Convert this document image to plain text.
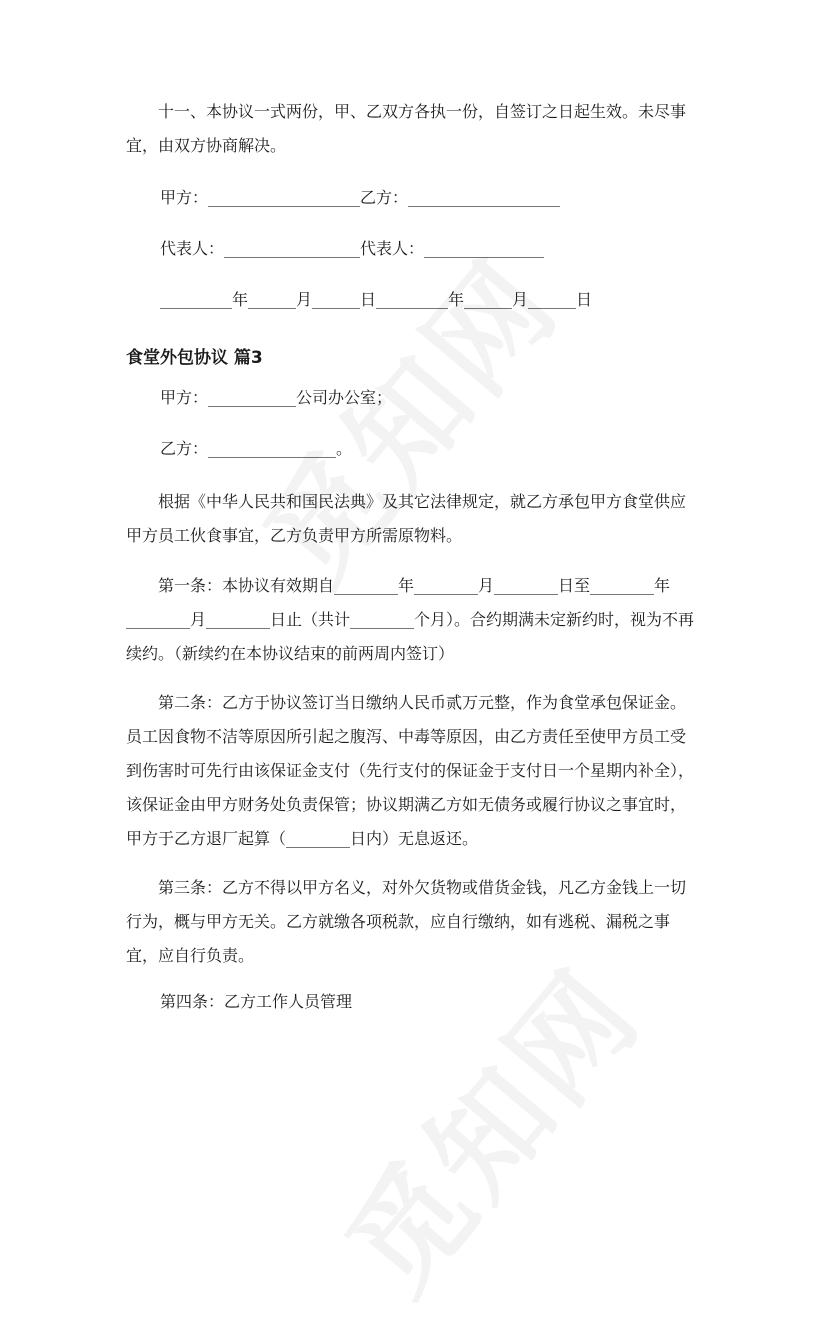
十一、本协议一式两份，甲、乙双方各执一份，自签订之日起生效。未尽事宜，由双方协商解决。

甲方：___________________乙方：___________________
代表人：_________________代表人：_______________
_________年______月______日_________年______月______日
食堂外包协议 篇3
甲方：___________公司办公室；
乙方：________________。

根据《中华人民共和国民法典》及其它法律规定，就乙方承包甲方食堂供应甲方员工伙食事宜，乙方负责甲方所需原物料。

第一条：本协议有效期自________年________月________日至________年________月________日止（共计________个月）。合约期满未定新约时，视为不再续约。（新续约在本协议结束的前两周内签订）

第二条：乙方于协议签订当日缴纳人民币贰万元整，作为食堂承包保证金。员工因食物不洁等原因所引起之腹泻、中毒等原因，由乙方责任至使甲方员工受到伤害时可先行由该保证金支付（先行支付的保证金于支付日一个星期内补全），该保证金由甲方财务处负责保管；协议期满乙方如无债务或履行协议之事宜时，甲方于乙方退厂起算（________日内）无息返还。

第三条：乙方不得以甲方名义，对外欠货物或借货金钱，凡乙方金钱上一切行为，概与甲方无关。乙方就缴各项税款，应自行缴纳，如有逃税、漏税之事宜，应自行负责。

第四条：乙方工作人员管理
